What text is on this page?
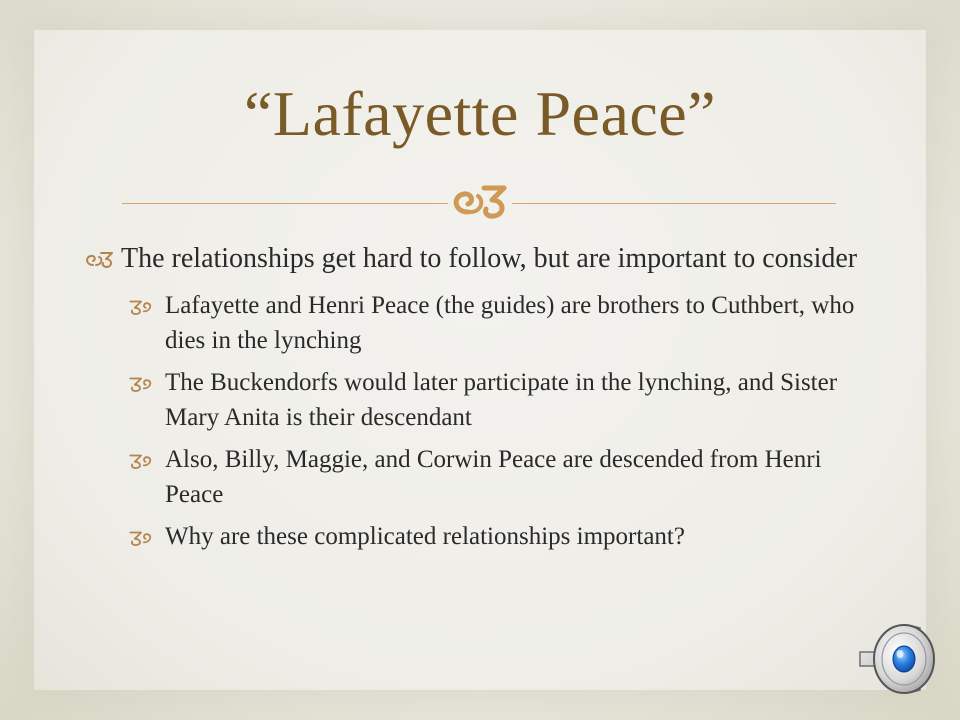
“Lafayette Peace”
The relationships get hard to follow, but are important to consider
Lafayette and Henri Peace (the guides) are brothers to Cuthbert, who dies in the lynching
The Buckendorfs would later participate in the lynching, and Sister Mary Anita is their descendant
Also, Billy, Maggie, and Corwin Peace are descended from Henri Peace
Why are these complicated relationships important?
